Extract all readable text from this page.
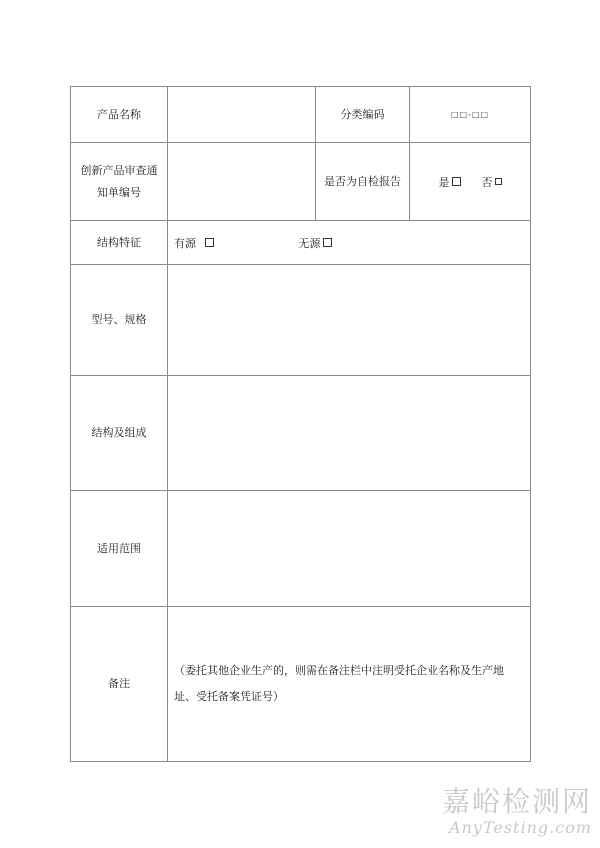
产品名称		分类编码	□□-□□
创新产品审查通知单编号		是否为自检报告	是 否
结构特征	有源 无源		
型号、规格			
结构及组成			
适用范围			
备注	（委托其他企业生产的，则需在备注栏中注明受托企业名称及生产地址、受托备案凭证号）		
嘉峪检测网
AnyTesting.com
